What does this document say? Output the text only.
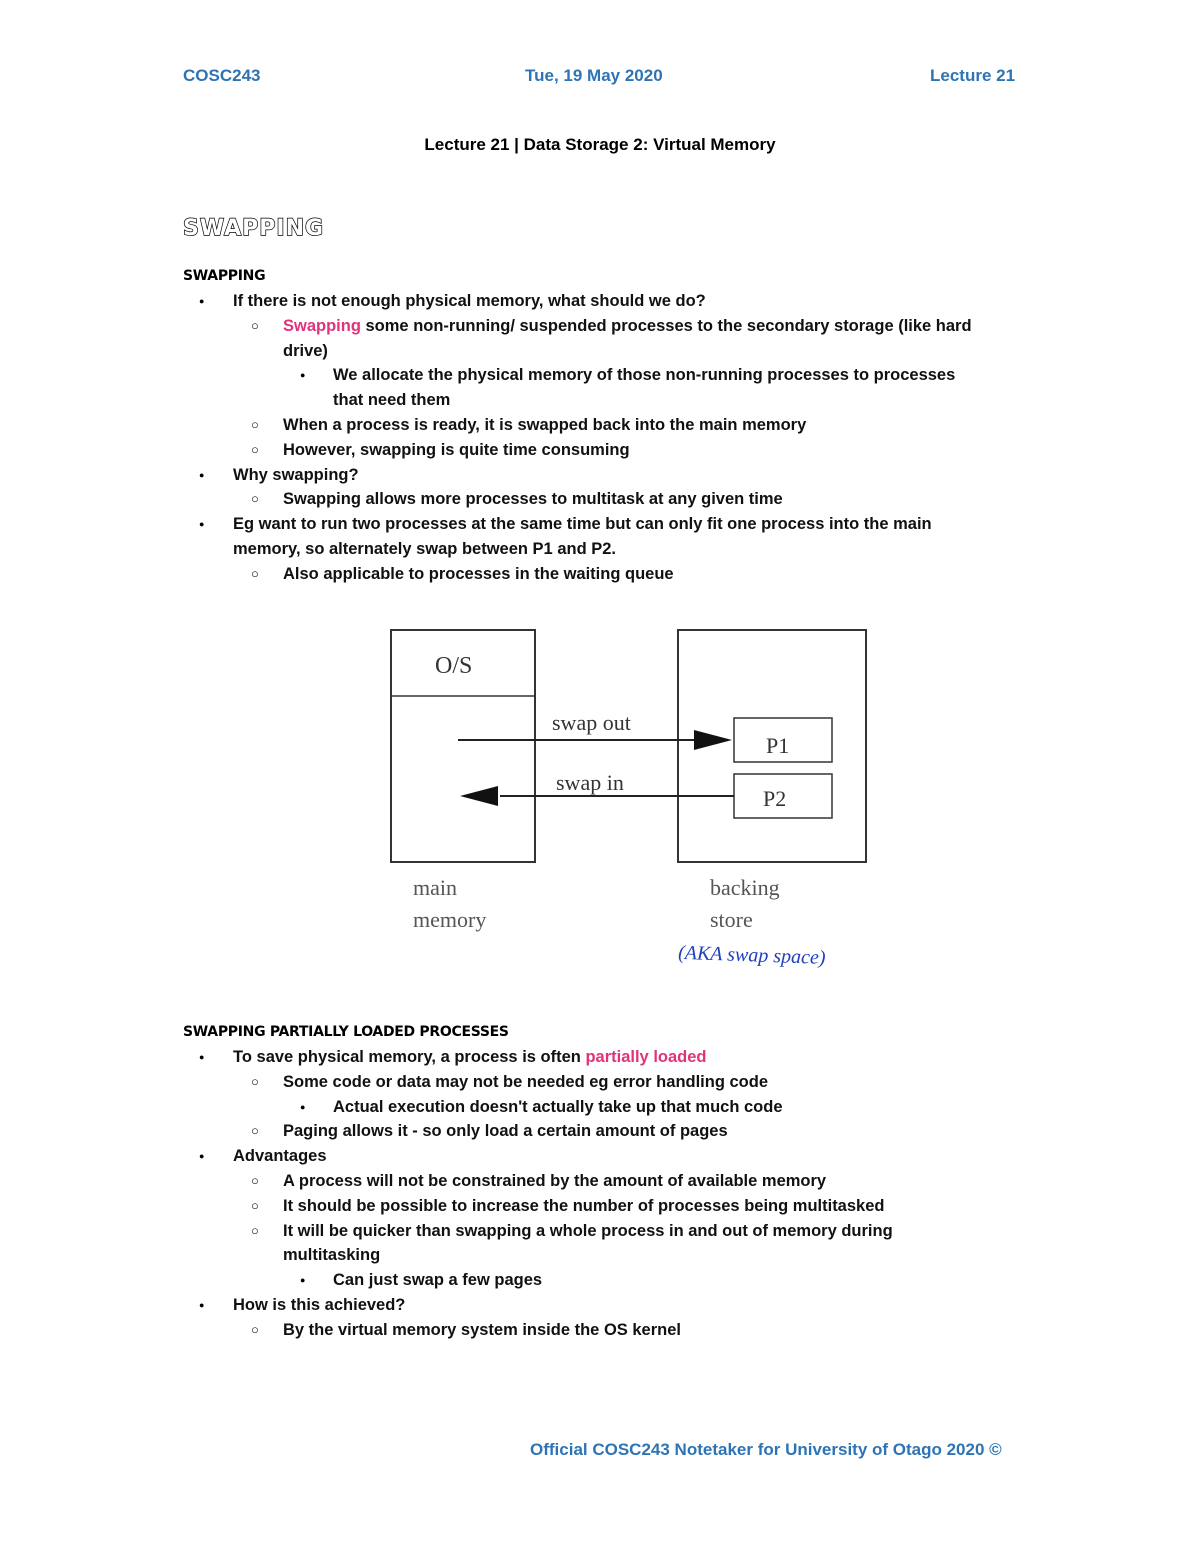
COSC243	Tue, 19 May 2020	Lecture 21
Lecture 21 | Data Storage 2: Virtual Memory
SWAPPING
SWAPPING
● If there is not enough physical memory, what should we do?
○ Swapping some non-running/ suspended processes to the secondary storage (like hard
drive)
● We allocate the physical memory of those non-running processes to processes
that need them
○ When a process is ready, it is swapped back into the main memory
○ However, swapping is quite time consuming
● Why swapping?
○ Swapping allows more processes to multitask at any given time
● Eg want to run two processes at the same time but can only fit one process into the main
memory, so alternately swap between P1 and P2.
○ Also applicable to processes in the waiting queue
O/S
P1
P2
swap out
swap in
main
memory
backing
store
(AKA swap space)
SWAPPING PARTIALLY LOADED PROCESSES
● To save physical memory, a process is often partially loaded
○ Some code or data may not be needed eg error handling code
● Actual execution doesn't actually take up that much code
○ Paging allows it - so only load a certain amount of pages
● Advantages
○ A process will not be constrained by the amount of available memory
○ It should be possible to increase the number of processes being multitasked
○ It will be quicker than swapping a whole process in and out of memory during
multitasking
● Can just swap a few pages
● How is this achieved?
○ By the virtual memory system inside the OS kernel
Official COSC243 Notetaker for University of Otago 2020 ©
